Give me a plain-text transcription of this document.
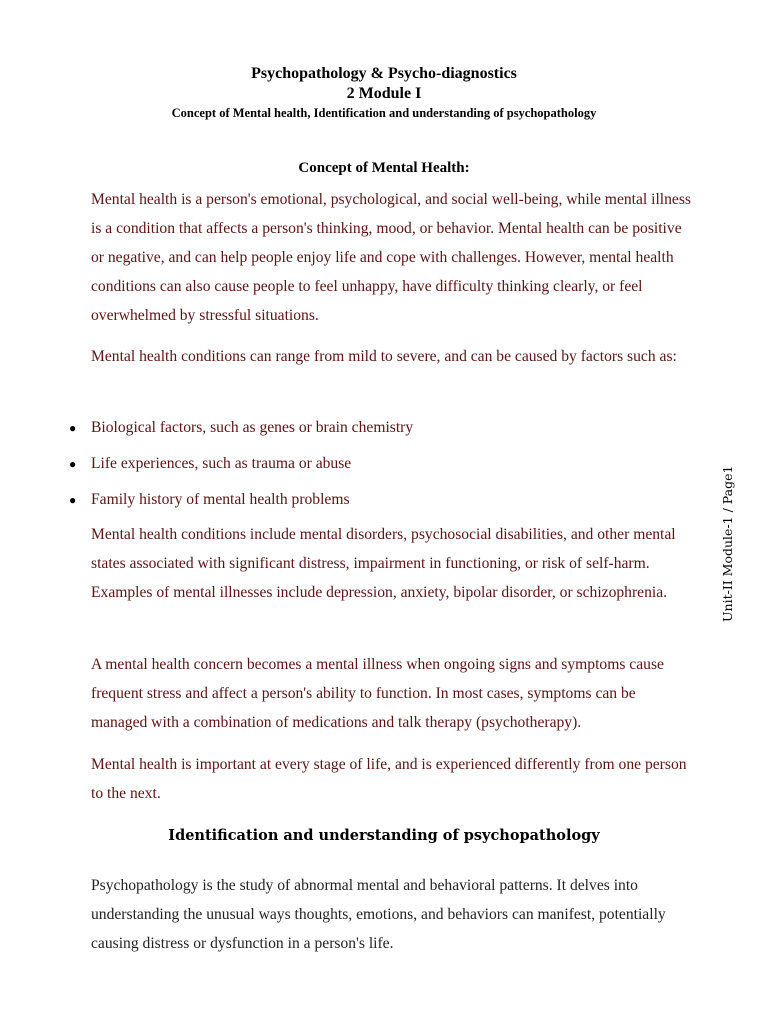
Psychopathology & Psycho-diagnostics
2 Module I
Concept of Mental health, Identification and understanding of psychopathology
Concept of Mental Health:

Mental health is a person's emotional, psychological, and social well-being, while mental illness is a condition that affects a person's thinking, mood, or behavior. Mental health can be positive or negative, and can help people enjoy life and cope with challenges. However, mental health conditions can also cause people to feel unhappy, have difficulty thinking clearly, or feel overwhelmed by stressful situations.

Mental health conditions can range from mild to severe, and can be caused by factors such as:

● Biological factors, such as genes or brain chemistry
● Life experiences, such as trauma or abuse
● Family history of mental health problems

Mental health conditions include mental disorders, psychosocial disabilities, and other mental states associated with significant distress, impairment in functioning, or risk of self-harm. Examples of mental illnesses include depression, anxiety, bipolar disorder, or schizophrenia.

A mental health concern becomes a mental illness when ongoing signs and symptoms cause frequent stress and affect a person's ability to function. In most cases, symptoms can be managed with a combination of medications and talk therapy (psychotherapy).

Mental health is important at every stage of life, and is experienced differently from one person to the next.

Identification and understanding of psychopathology

Psychopathology is the study of abnormal mental and behavioral patterns. It delves into understanding the unusual ways thoughts, emotions, and behaviors can manifest, potentially causing distress or dysfunction in a person's life.

Unit-II Module-1 / Page1
